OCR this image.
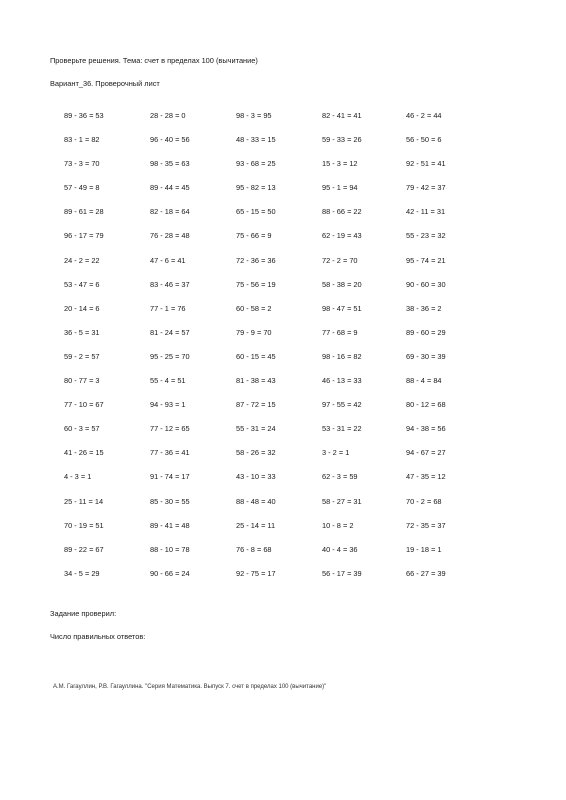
Проверьте решения. Тема: счет в пределах 100 (вычитание)
Вариант_36. Проверочный лист
89 - 36 = 53	28 - 28 = 0	98 - 3 = 95	82 - 41 = 41	46 - 2 = 44
83 - 1 = 82	96 - 40 = 56	48 - 33 = 15	59 - 33 = 26	56 - 50 = 6
73 - 3 = 70	98 - 35 = 63	93 - 68 = 25	15 - 3 = 12	92 - 51 = 41
57 - 49 = 8	89 - 44 = 45	95 - 82 = 13	95 - 1 = 94	79 - 42 = 37
89 - 61 = 28	82 - 18 = 64	65 - 15 = 50	88 - 66 = 22	42 - 11 = 31
96 - 17 = 79	76 - 28 = 48	75 - 66 = 9	62 - 19 = 43	55 - 23 = 32
24 - 2 = 22	47 - 6 = 41	72 - 36 = 36	72 - 2 = 70	95 - 74 = 21
53 - 47 = 6	83 - 46 = 37	75 - 56 = 19	58 - 38 = 20	90 - 60 = 30
20 - 14 = 6	77 - 1 = 76	60 - 58 = 2	98 - 47 = 51	38 - 36 = 2
36 - 5 = 31	81 - 24 = 57	79 - 9 = 70	77 - 68 = 9	89 - 60 = 29
59 - 2 = 57	95 - 25 = 70	60 - 15 = 45	98 - 16 = 82	69 - 30 = 39
80 - 77 = 3	55 - 4 = 51	81 - 38 = 43	46 - 13 = 33	88 - 4 = 84
77 - 10 = 67	94 - 93 = 1	87 - 72 = 15	97 - 55 = 42	80 - 12 = 68
60 - 3 = 57	77 - 12 = 65	55 - 31 = 24	53 - 31 = 22	94 - 38 = 56
41 - 26 = 15	77 - 36 = 41	58 - 26 = 32	3 - 2 = 1	94 - 67 = 27
4 - 3 = 1	91 - 74 = 17	43 - 10 = 33	62 - 3 = 59	47 - 35 = 12
25 - 11 = 14	85 - 30 = 55	88 - 48 = 40	58 - 27 = 31	70 - 2 = 68
70 - 19 = 51	89 - 41 = 48	25 - 14 = 11	10 - 8 = 2	72 - 35 = 37
89 - 22 = 67	88 - 10 = 78	76 - 8 = 68	40 - 4 = 36	19 - 18 = 1
34 - 5 = 29	90 - 66 = 24	92 - 75 = 17	56 - 17 = 39	66 - 27 = 39
Задание проверил:
Число правильных ответов:
А.М. Гагауллин, Р.В. Гагауллина. "Серия Математика. Выпуск 7. счет в пределах 100 (вычитание)"
